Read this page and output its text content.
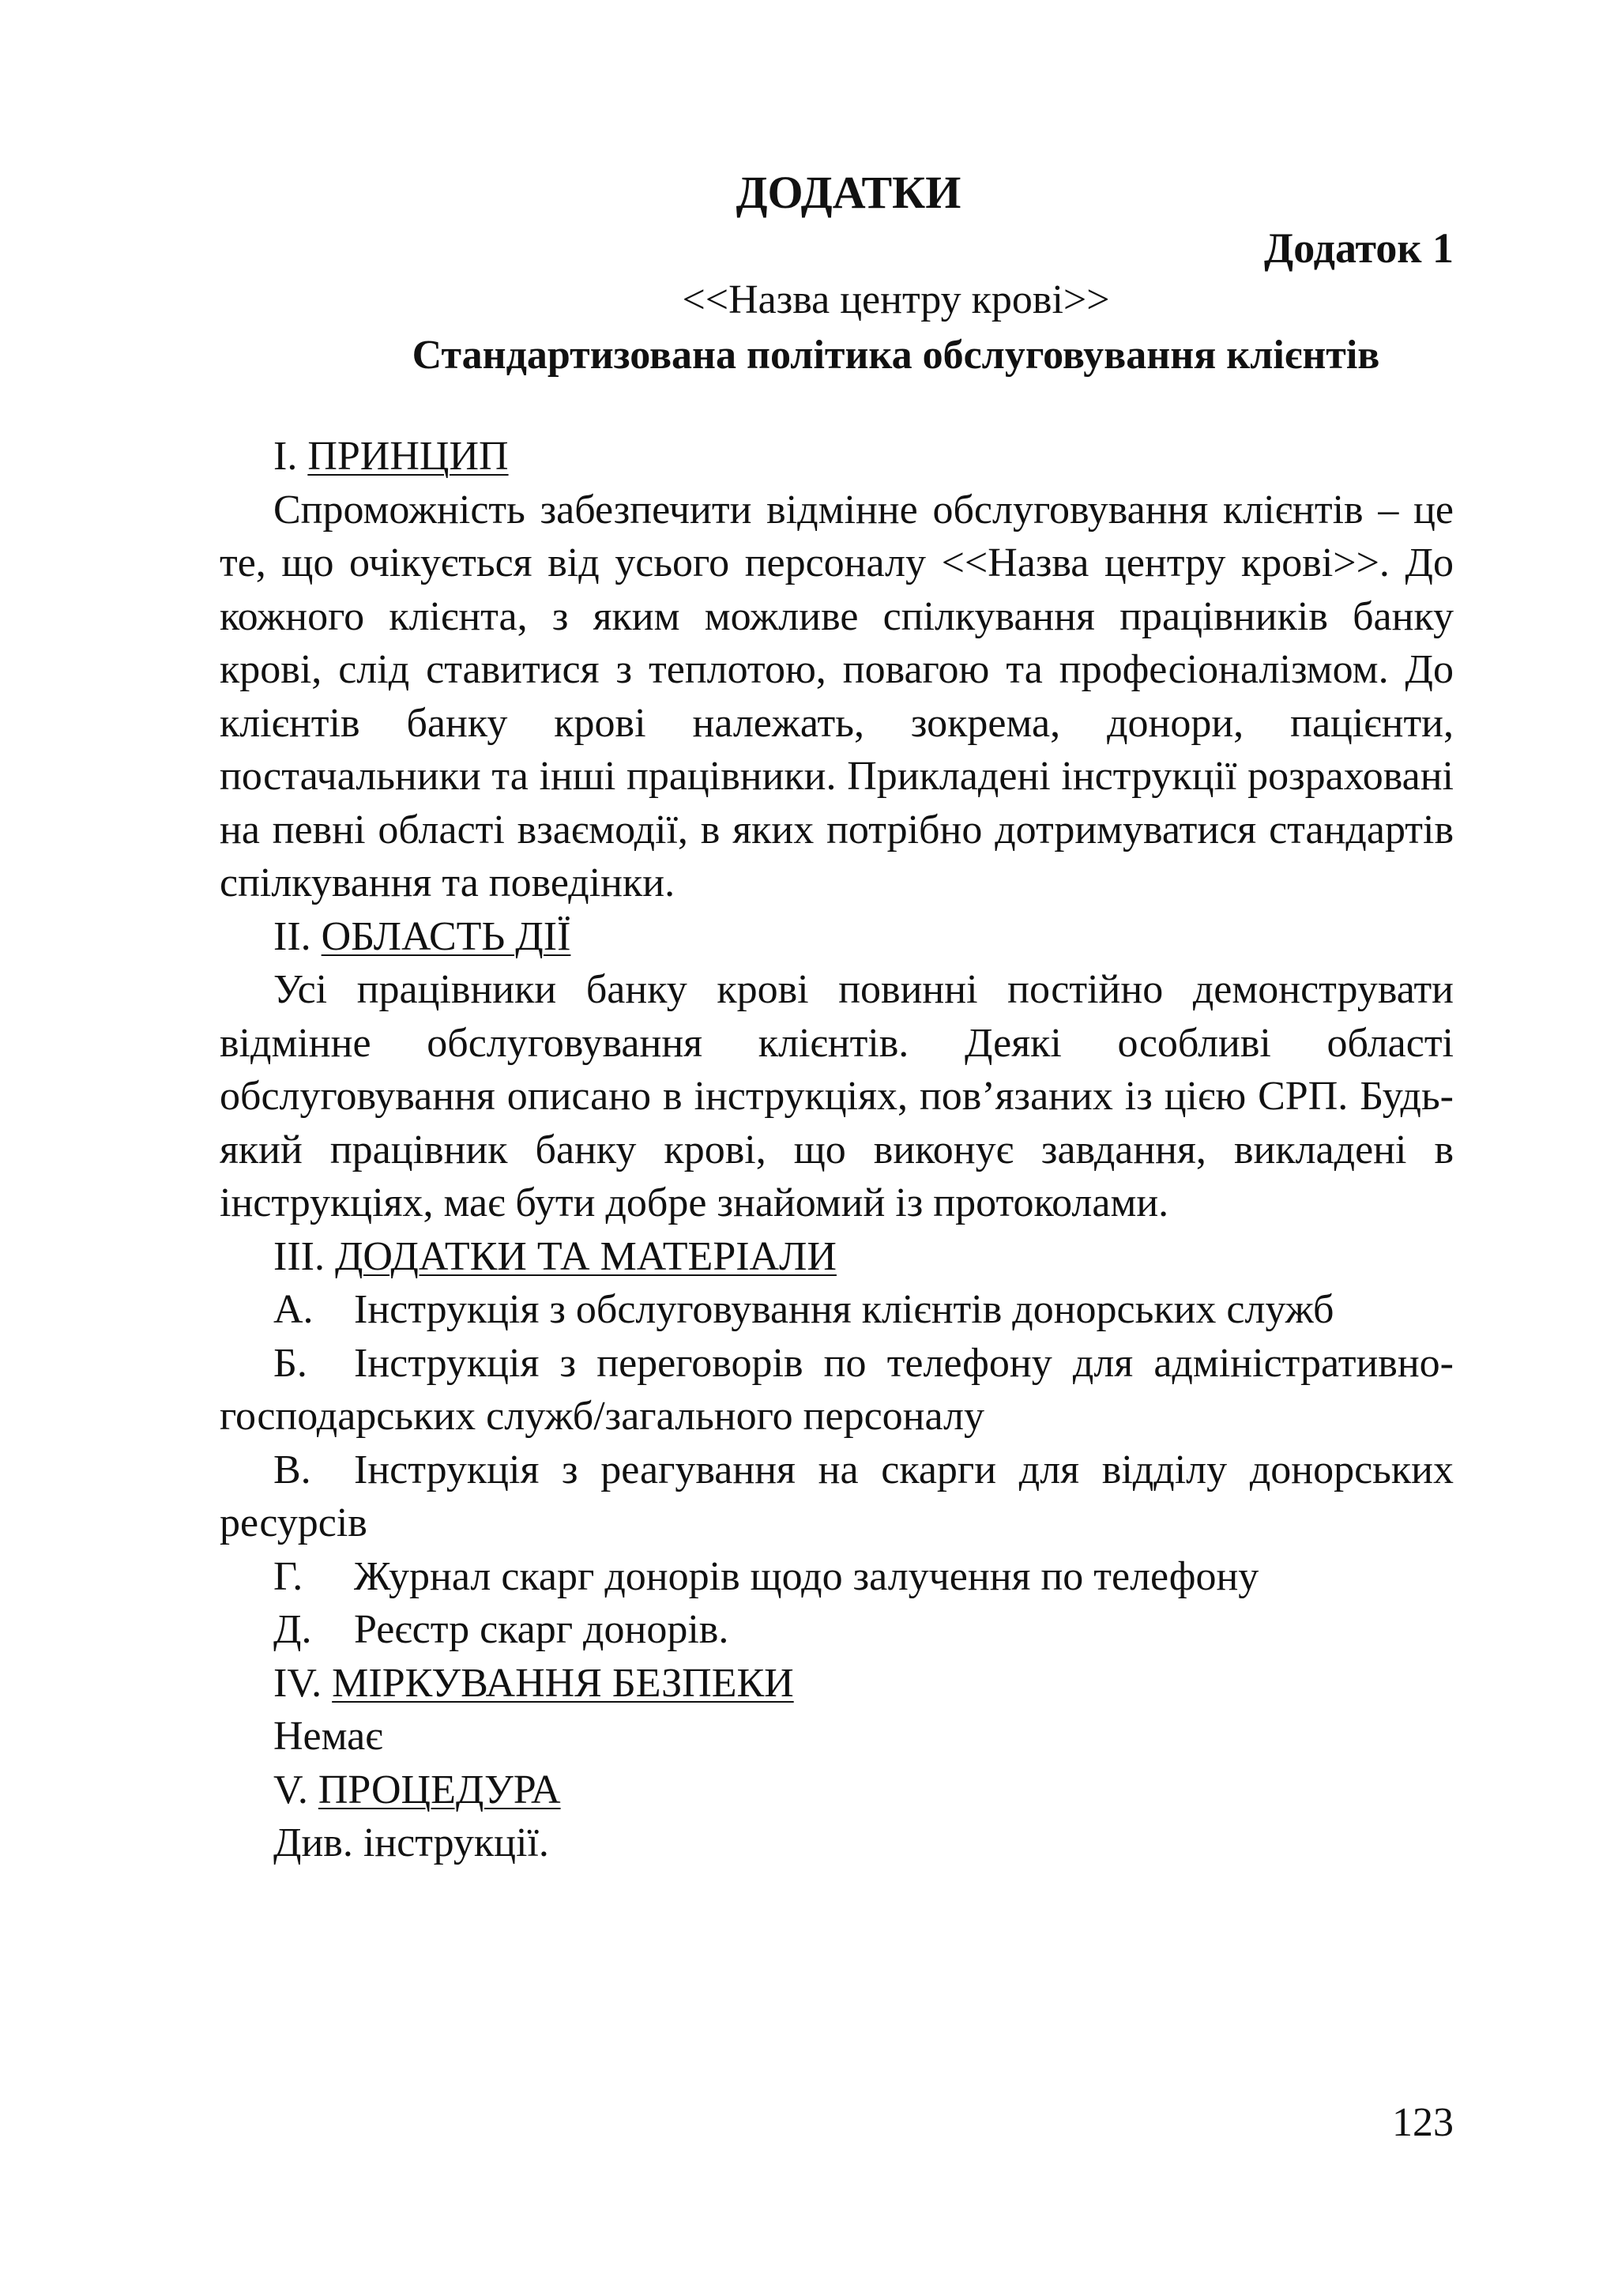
ДОДАТКИ
Додаток 1
<<Назва центру крові>>
Стандартизована політика обслуговування клієнтів

I. ПРИНЦИП

Спроможність забезпечити відмінне обслуговування клієнтів – це те, що очікується від усього персоналу <<Назва центру крові>>. До кожного клієнта, з яким можливе спілкування працівників банку крові, слід ставитися з теплотою, повагою та професіоналізмом. До клієнтів банку крові належать, зокрема, донори, пацієнти, постачальники та інші працівники. Прикладені інструкції розраховані на певні області взаємодії, в яких потрібно дотримуватися стандартів спілкування та поведінки.

II. ОБЛАСТЬ ДІЇ

Усі працівники банку крові повинні постійно демонструвати відмінне обслуговування клієнтів. Деякі особливі області обслуговування описано в інструкціях, пов’язаних із цією СРП. Будь-який працівник банку крові, що виконує завдання, викладені в інструкціях, має бути добре знайомий із протоколами.

III. ДОДАТКИ ТА МАТЕРІАЛИ

А. Інструкція з обслуговування клієнтів донорських служб

Б. Інструкція з переговорів по телефону для адміністративно-господарських служб/загального персоналу

В. Інструкція з реагування на скарги для відділу донорських ресурсів

Г. Журнал скарг донорів щодо залучення по телефону

Д. Реєстр скарг донорів.

IV. МІРКУВАННЯ БЕЗПЕКИ

Немає

V. ПРОЦЕДУРА

Див. інструкції.

123
